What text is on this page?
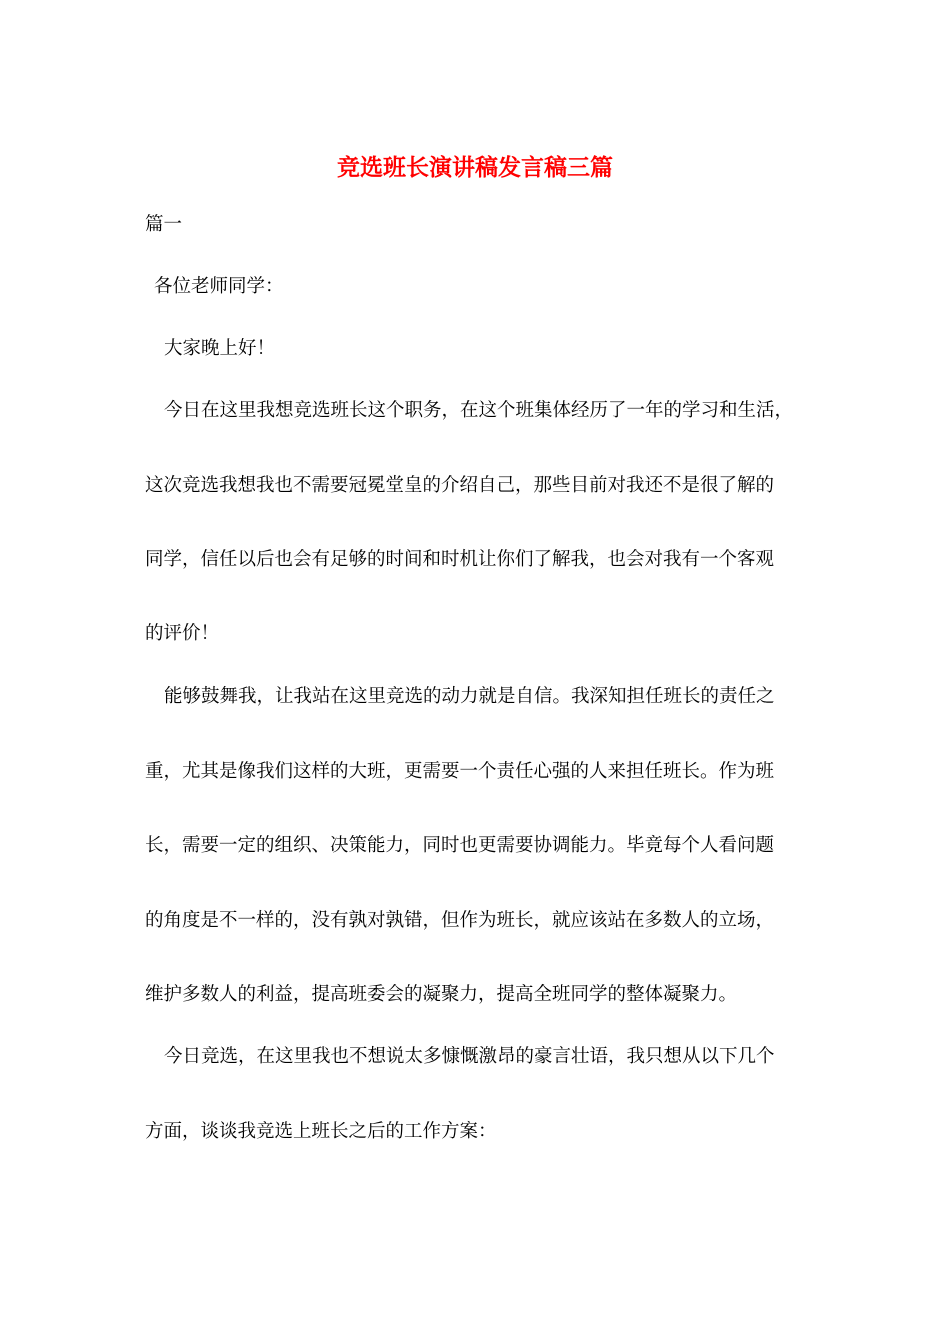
竞选班长演讲稿发言稿三篇

篇一

各位老师同学：

大家晚上好！

今日在这里我想竞选班长这个职务，在这个班集体经历了一年的学习和生活，

这次竞选我想我也不需要冠冕堂皇的介绍自己，那些目前对我还不是很了解的

同学，信任以后也会有足够的时间和时机让你们了解我，也会对我有一个客观

的评价！

能够鼓舞我，让我站在这里竞选的动力就是自信。我深知担任班长的责任之

重，尤其是像我们这样的大班，更需要一个责任心强的人来担任班长。作为班

长，需要一定的组织、决策能力，同时也更需要协调能力。毕竟每个人看问题

的角度是不一样的，没有孰对孰错，但作为班长，就应该站在多数人的立场，

维护多数人的利益，提高班委会的凝聚力，提高全班同学的整体凝聚力。

今日竞选，在这里我也不想说太多慷慨激昂的豪言壮语，我只想从以下几个

方面，谈谈我竞选上班长之后的工作方案：
